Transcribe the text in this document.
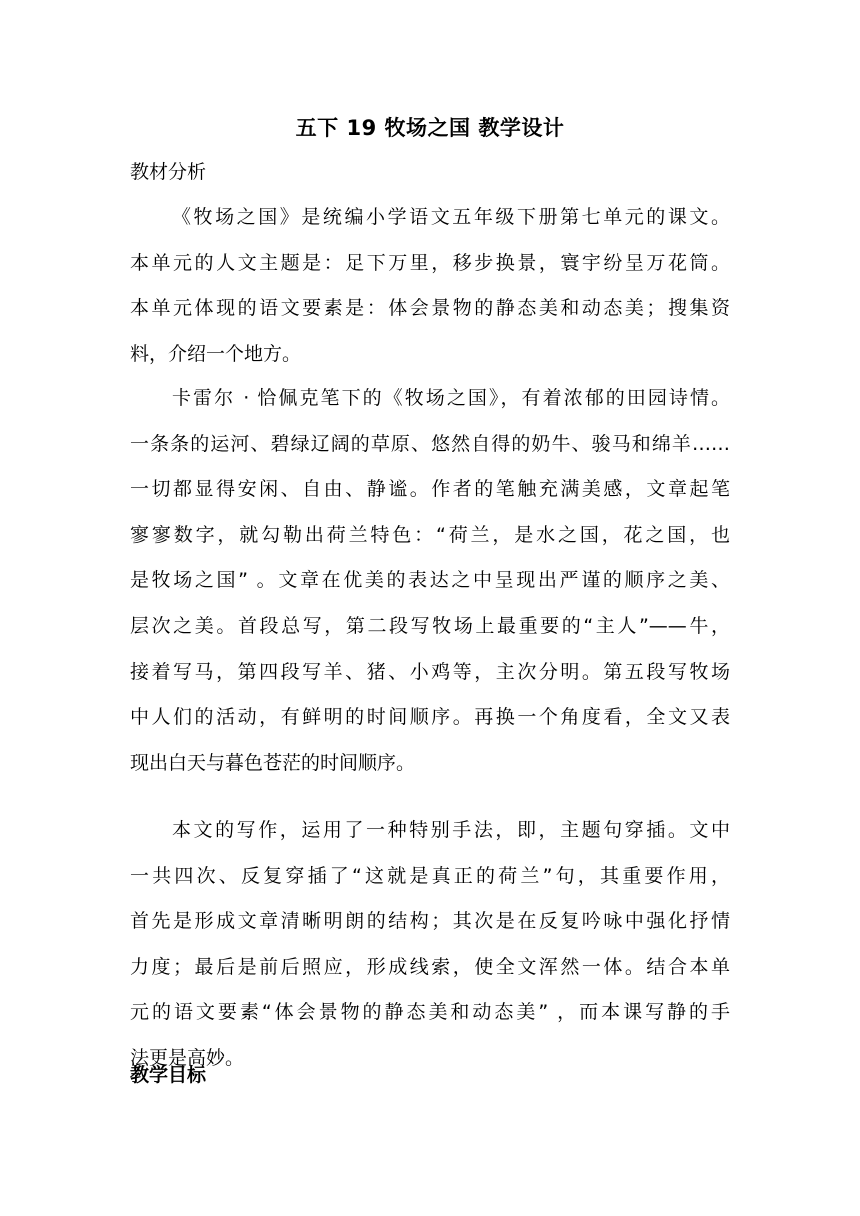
五下 19 牧场之国 教学设计
教材分析
《牧场之国》是统编小学语文五年级下册第七单元的课文。
本单元的人文主题是：足下万里，移步换景，寰宇纷呈万花筒。
本单元体现的语文要素是：体会景物的静态美和动态美；搜集资
料，介绍一个地方。
卡雷尔 · 恰佩克笔下的《牧场之国》，有着浓郁的田园诗情。
一条条的运河、碧绿辽阔的草原、悠然自得的奶牛、骏马和绵羊……
一切都显得安闲、自由、静谧。作者的笔触充满美感，文章起笔
寥寥数字，就勾勒出荷兰特色：“荷兰，是水之国，花之国，也
是牧场之国” 。文章在优美的表达之中呈现出严谨的顺序之美、
层次之美。首段总写，第二段写牧场上最重要的“主人”——牛，
接着写马，第四段写羊、猪、小鸡等，主次分明。第五段写牧场
中人们的活动，有鲜明的时间顺序。再换一个角度看，全文又表
现出白天与暮色苍茫的时间顺序。
本文的写作，运用了一种特别手法，即，主题句穿插。文中
一共四次、反复穿插了“这就是真正的荷兰”句，其重要作用，
首先是形成文章清晰明朗的结构；其次是在反复吟咏中强化抒情
力度；最后是前后照应，形成线索，使全文浑然一体。结合本单
元的语文要素“体会景物的静态美和动态美” ，而本课写静的手
法更是高妙。
教学目标
